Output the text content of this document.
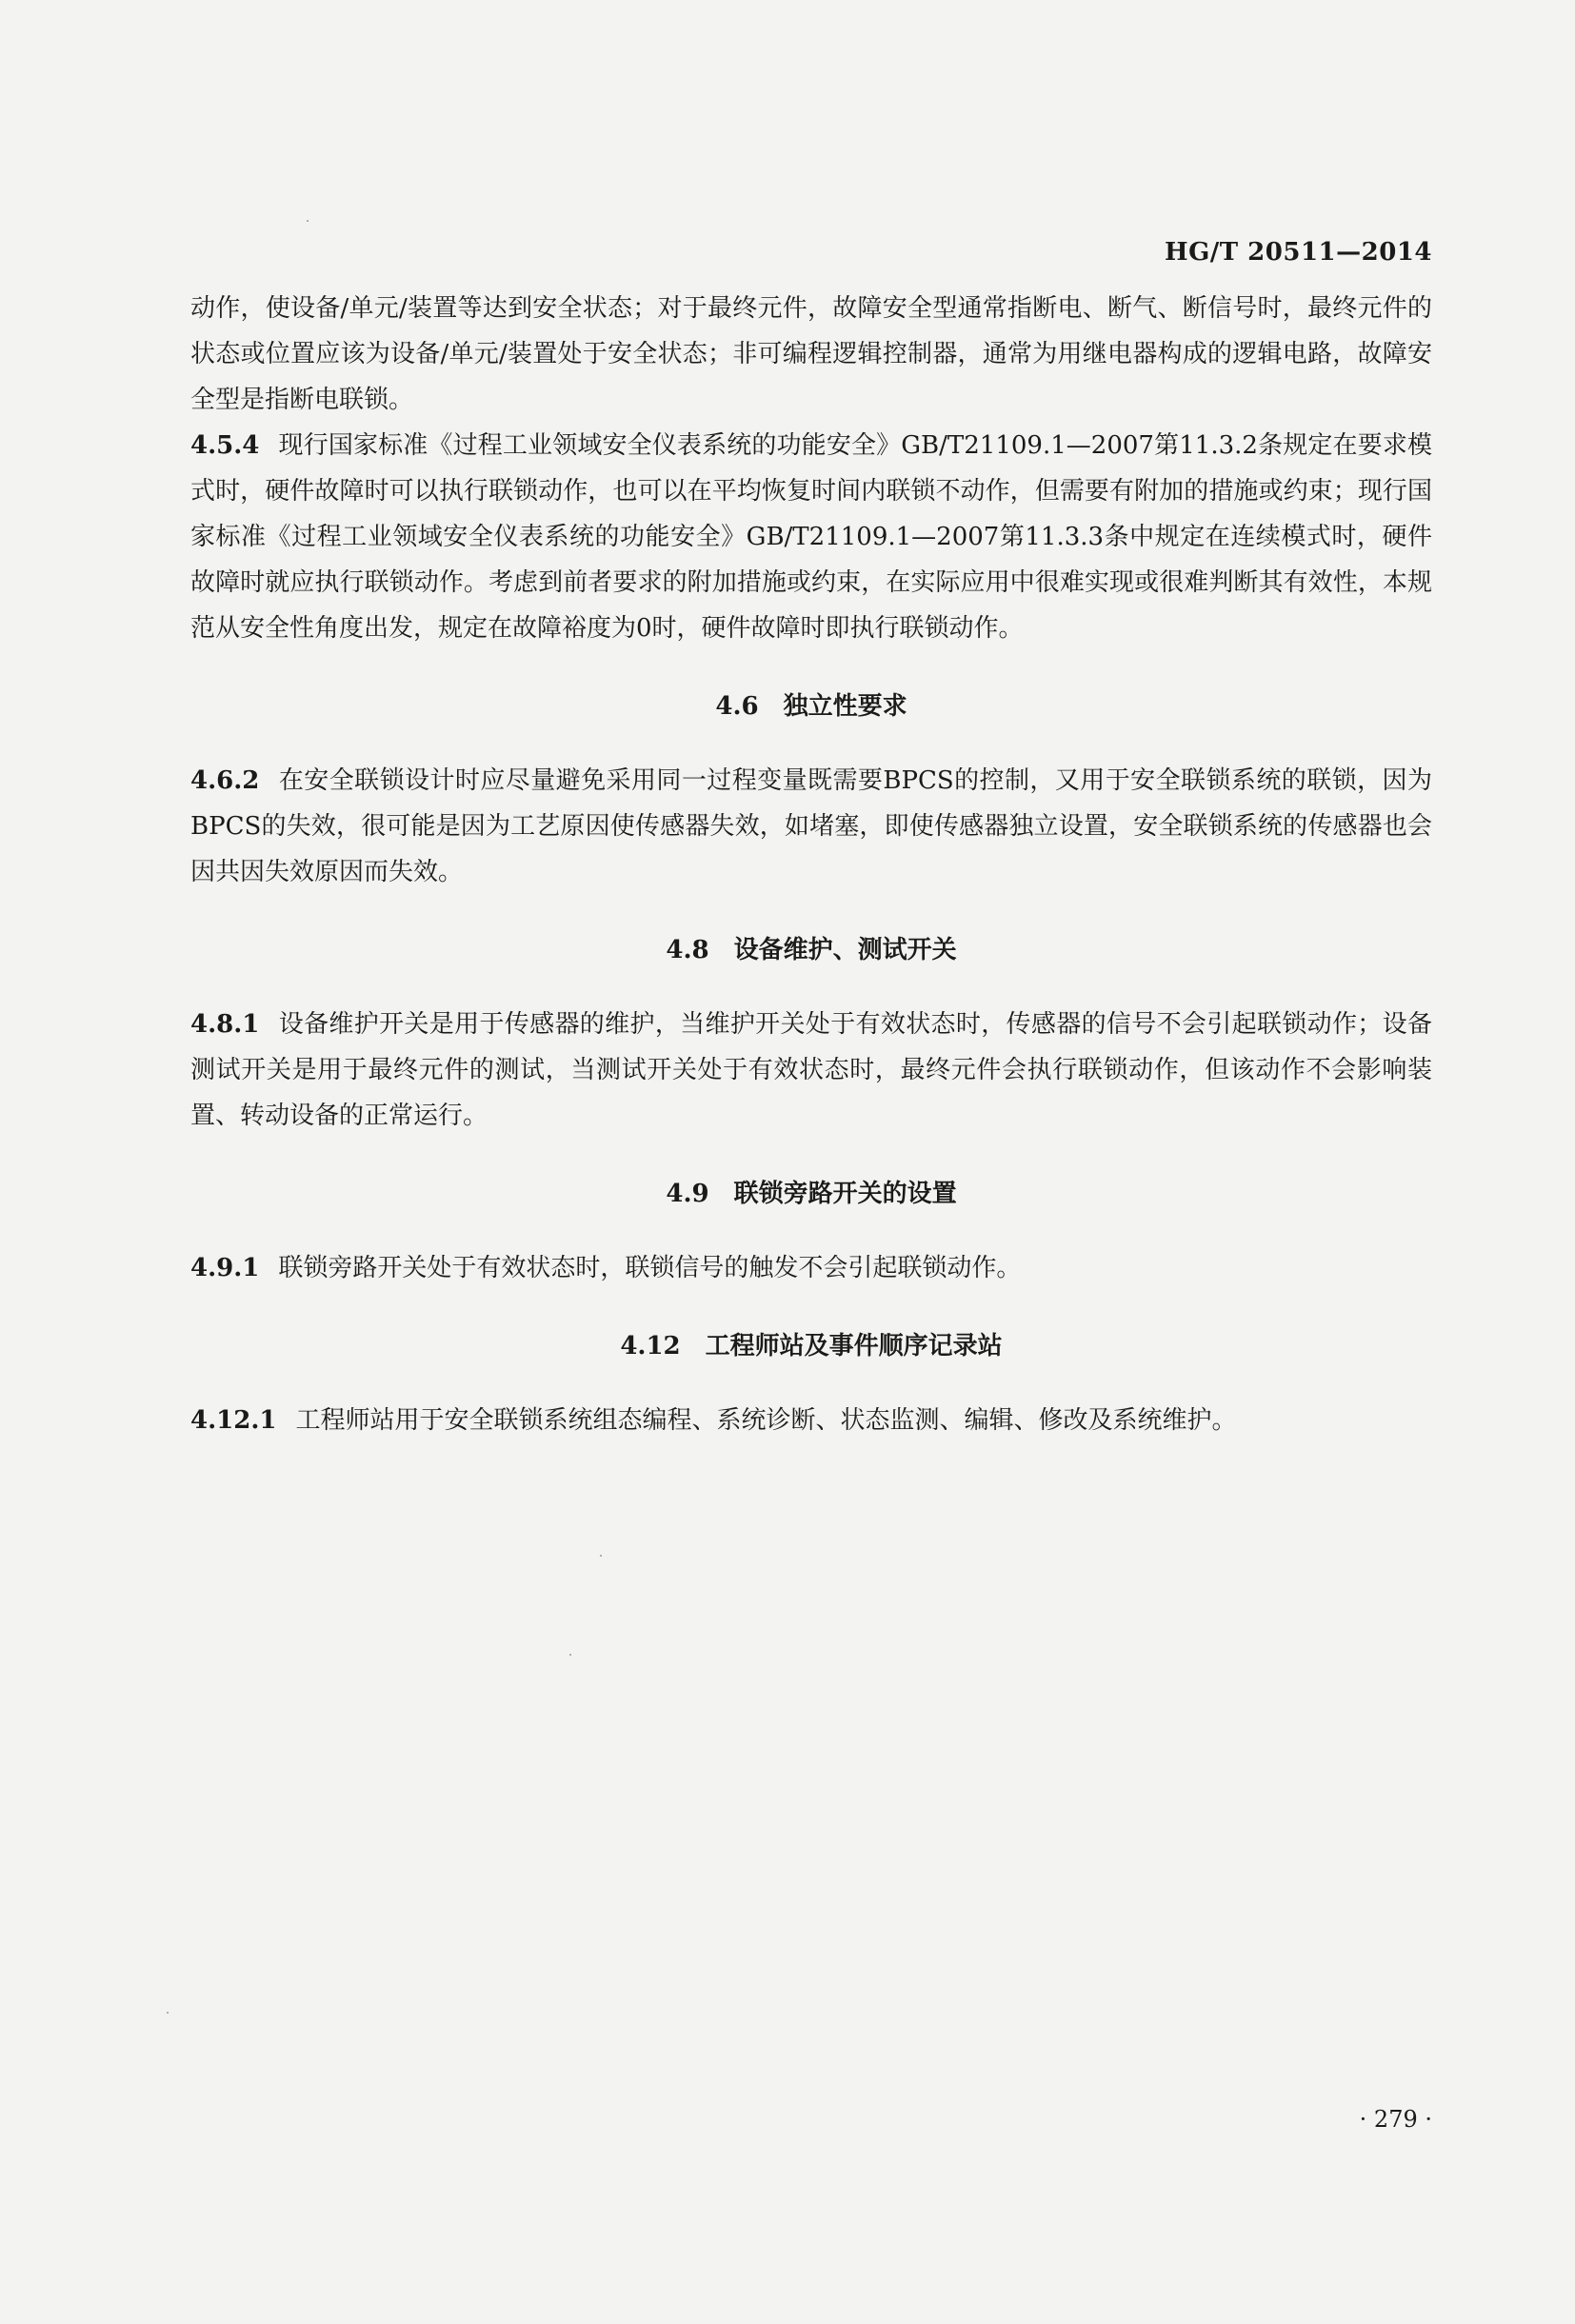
HG/T 20511—2014

动作，使设备/单元/装置等达到安全状态；对于最终元件，故障安全型通常指断电、断气、断信号时，最终元件的状态或位置应该为设备/单元/装置处于安全状态；非可编程逻辑控制器，通常为用继电器构成的逻辑电路，故障安全型是指断电联锁。

4.5.4 现行国家标准《过程工业领域安全仪表系统的功能安全》GB/T21109.1—2007第11.3.2条规定在要求模式时，硬件故障时可以执行联锁动作，也可以在平均恢复时间内联锁不动作，但需要有附加的措施或约束；现行国家标准《过程工业领域安全仪表系统的功能安全》GB/T21109.1—2007第11.3.3条中规定在连续模式时，硬件故障时就应执行联锁动作。考虑到前者要求的附加措施或约束，在实际应用中很难实现或很难判断其有效性，本规范从安全性角度出发，规定在故障裕度为0时，硬件故障时即执行联锁动作。

4.6 独立性要求

4.6.2 在安全联锁设计时应尽量避免采用同一过程变量既需要BPCS的控制，又用于安全联锁系统的联锁，因为BPCS的失效，很可能是因为工艺原因使传感器失效，如堵塞，即使传感器独立设置，安全联锁系统的传感器也会因共因失效原因而失效。

4.8 设备维护、测试开关

4.8.1 设备维护开关是用于传感器的维护，当维护开关处于有效状态时，传感器的信号不会引起联锁动作；设备测试开关是用于最终元件的测试，当测试开关处于有效状态时，最终元件会执行联锁动作，但该动作不会影响装置、转动设备的正常运行。

4.9 联锁旁路开关的设置

4.9.1 联锁旁路开关处于有效状态时，联锁信号的触发不会引起联锁动作。

4.12 工程师站及事件顺序记录站

4.12.1 工程师站用于安全联锁系统组态编程、系统诊断、状态监测、编辑、修改及系统维护。

· 279 ·
